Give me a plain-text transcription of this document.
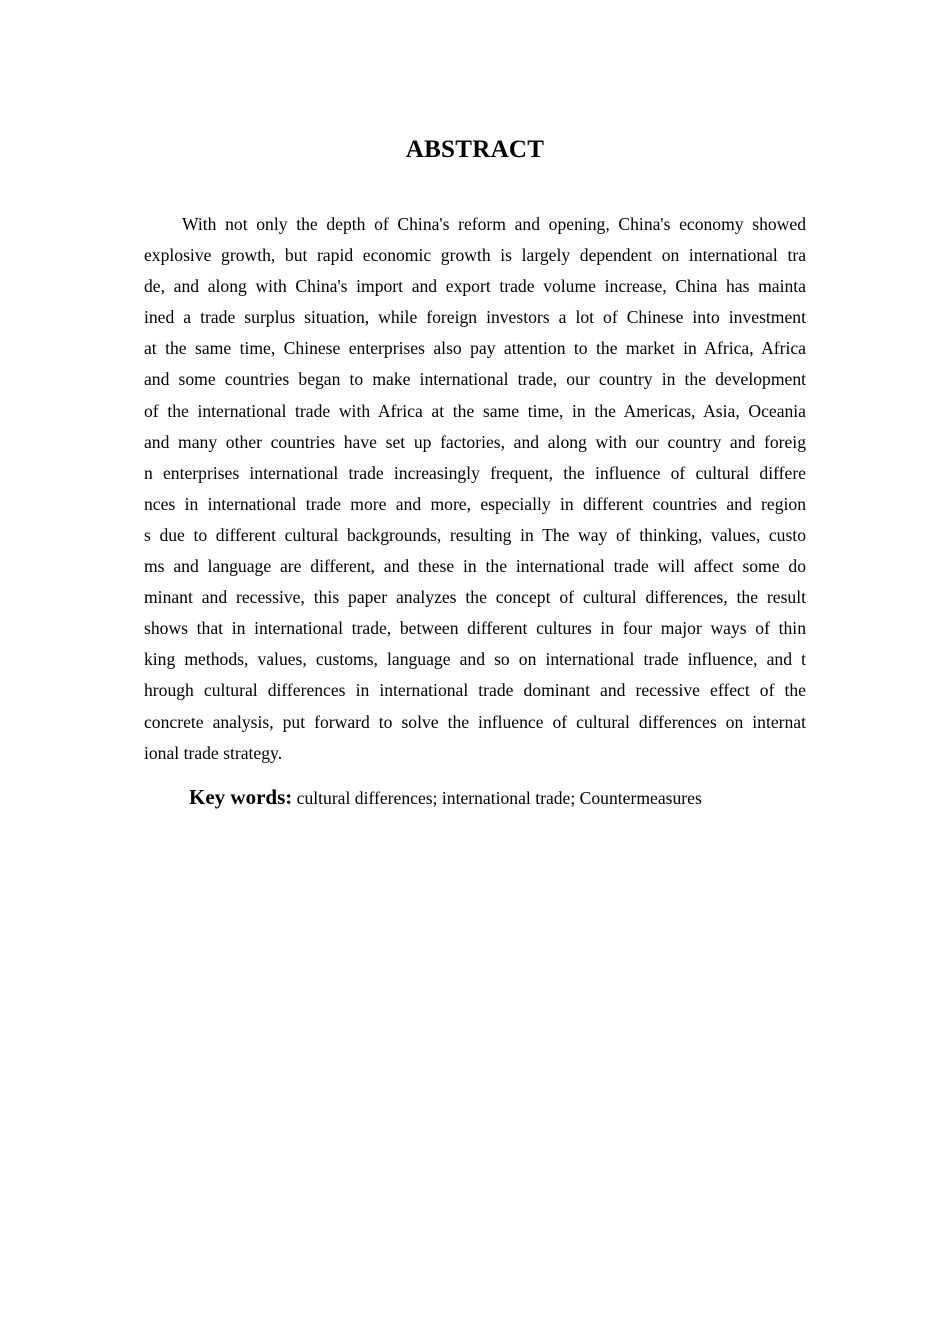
ABSTRACT
With not only the depth of China's reform and opening, China's economy showed
explosive growth, but rapid economic growth is largely dependent on international tra
de, and along with China's import and export trade volume increase, China has mainta
ined a trade surplus situation, while foreign investors a lot of Chinese into investment
at the same time, Chinese enterprises also pay attention to the market in Africa, Africa
and some countries began to make international trade, our country in the development
of the international trade with Africa at the same time, in the Americas, Asia, Oceania
and many other countries have set up factories, and along with our country and foreig
n enterprises international trade increasingly frequent, the influence of cultural differe
nces in international trade more and more, especially in different countries and region
s due to different cultural backgrounds, resulting in The way of thinking, values, custo
ms and language are different, and these in the international trade will affect some do
minant and recessive, this paper analyzes the concept of cultural differences, the result
shows that in international trade, between different cultures in four major ways of thin
king methods, values, customs, language and so on international trade influence, and t
hrough cultural differences in international trade dominant and recessive effect of the
concrete analysis, put forward to solve the influence of cultural differences on internat
ional trade strategy.
Key words: cultural differences; international trade; Countermeasures
